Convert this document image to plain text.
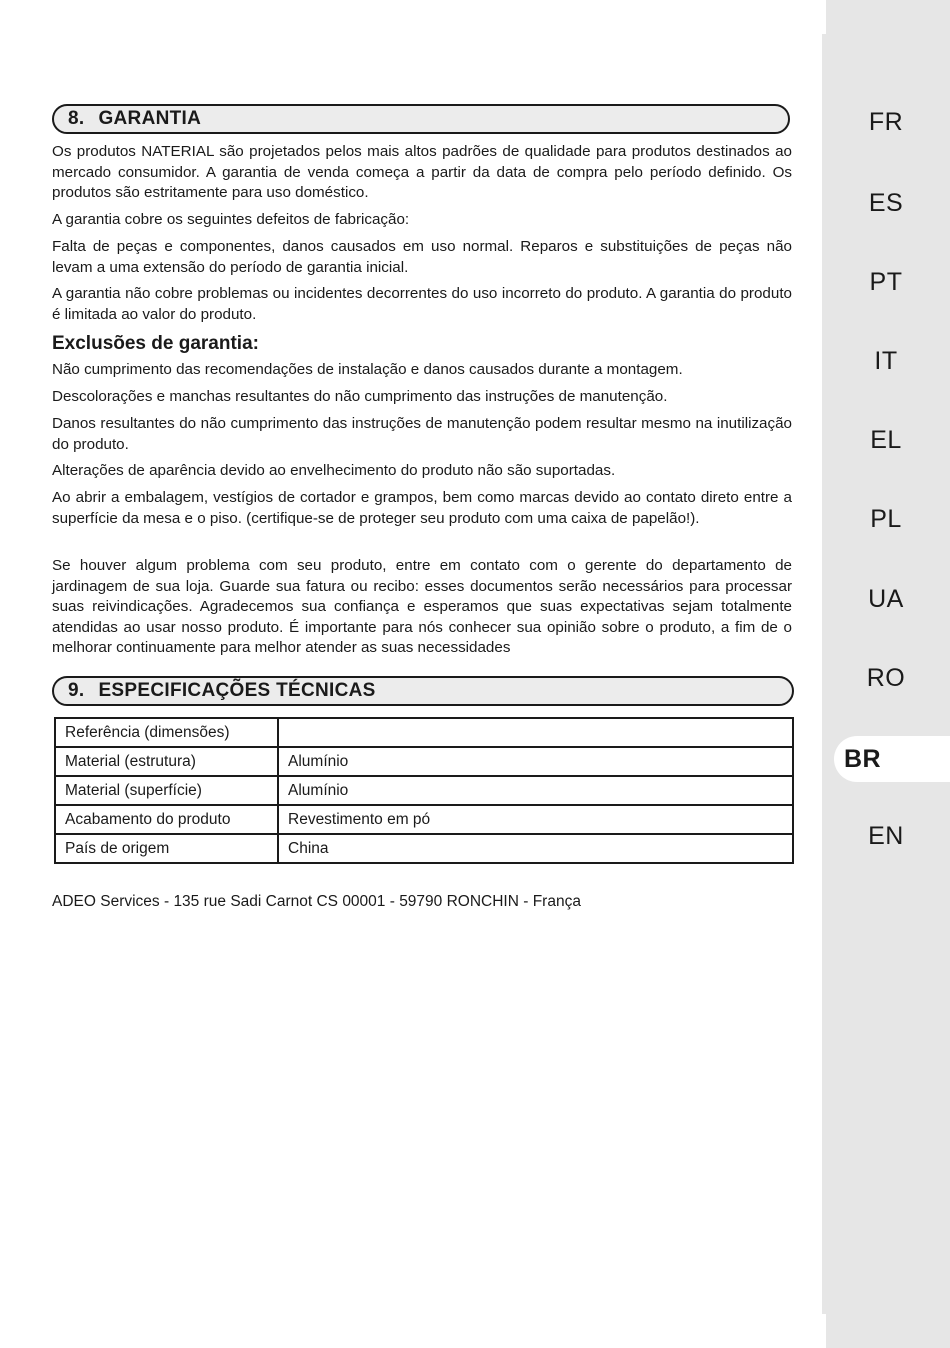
8. GARANTIA

Os produtos NATERIAL são projetados pelos mais altos padrões de qualidade para produtos destinados ao mercado consumidor. A garantia de venda começa a partir da data de compra pelo período definido. Os produtos são estritamente para uso doméstico.

A garantia cobre os seguintes defeitos de fabricação:

Falta de peças e componentes, danos causados em uso normal. Reparos e substituições de peças não levam a uma extensão do período de garantia inicial.

A garantia não cobre problemas ou incidentes decorrentes do uso incorreto do produto. A garantia do produto é limitada ao valor do produto.

Exclusões de garantia:

Não cumprimento das recomendações de instalação e danos causados durante a montagem.

Descolorações e manchas resultantes do não cumprimento das instruções de manutenção.

Danos resultantes do não cumprimento das instruções de manutenção podem resultar mesmo na inutilização do produto.

Alterações de aparência devido ao envelhecimento do produto não são suportadas.

Ao abrir a embalagem, vestígios de cortador e grampos, bem como marcas devido ao contato direto entre a superfície da mesa e o piso. (certifique-se de proteger seu produto com uma caixa de papelão!).

Se houver algum problema com seu produto, entre em contato com o gerente do departamento de jardinagem de sua loja. Guarde sua fatura ou recibo: esses documentos serão necessários para processar suas reivindicações. Agradecemos sua confiança e esperamos que suas expectativas sejam totalmente atendidas ao usar nosso produto. É importante para nós conhecer sua opinião sobre o produto, a fim de o melhorar continuamente para melhor atender as suas necessidades

9. ESPECIFICAÇÕES TÉCNICAS
Referência (dimensões)	
Material (estrutura)	Alumínio
Material (superfície)	Alumínio
Acabamento do produto	Revestimento em pó
País de origem	China
ADEO Services - 135 rue Sadi Carnot CS 00001 - 59790 RONCHIN - França
FR
ES
PT
IT
EL
PL
UA
RO
BR
EN
